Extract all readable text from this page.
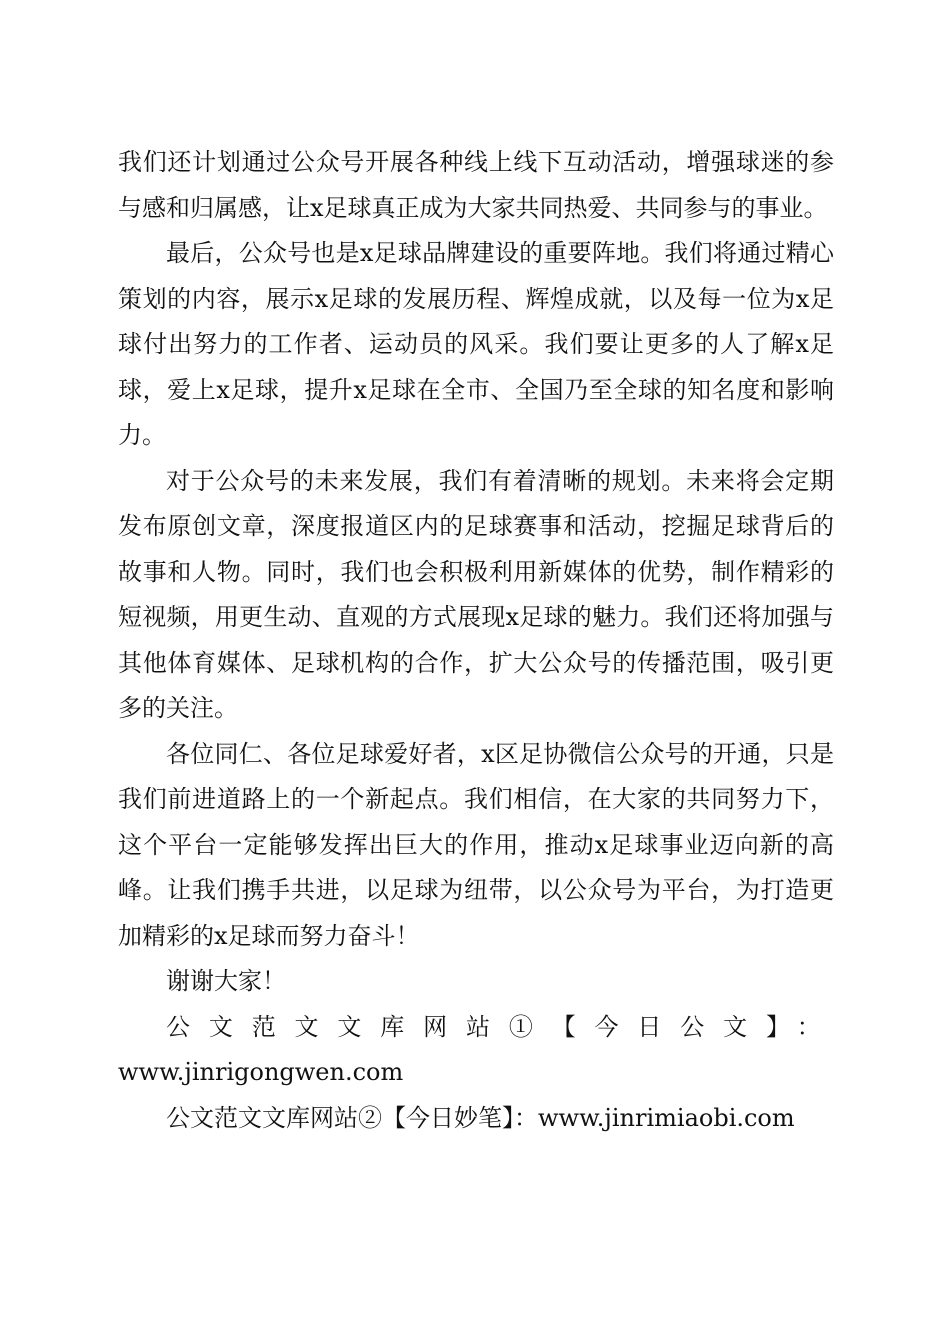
我们还计划通过公众号开展各种线上线下互动活动，增强球迷的参与感和归属感，让x足球真正成为大家共同热爱、共同参与的事业。

最后，公众号也是x足球品牌建设的重要阵地。我们将通过精心策划的内容，展示x足球的发展历程、辉煌成就，以及每一位为x足球付出努力的工作者、运动员的风采。我们要让更多的人了解x足球，爱上x足球，提升x足球在全市、全国乃至全球的知名度和影响力。

对于公众号的未来发展，我们有着清晰的规划。未来将会定期发布原创文章，深度报道区内的足球赛事和活动，挖掘足球背后的故事和人物。同时，我们也会积极利用新媒体的优势，制作精彩的短视频，用更生动、直观的方式展现x足球的魅力。我们还将加强与其他体育媒体、足球机构的合作，扩大公众号的传播范围，吸引更多的关注。

各位同仁、各位足球爱好者，x区足协微信公众号的开通，只是我们前进道路上的一个新起点。我们相信，在大家的共同努力下，这个平台一定能够发挥出巨大的作用，推动x足球事业迈向新的高峰。让我们携手共进，以足球为纽带，以公众号为平台，为打造更加精彩的x足球而努力奋斗！

谢谢大家！

公文范文文库网站①【今日公文】：www.jinrigongwen.com

公文范文文库网站②【今日妙笔】：www.jinrimiaobi.com
